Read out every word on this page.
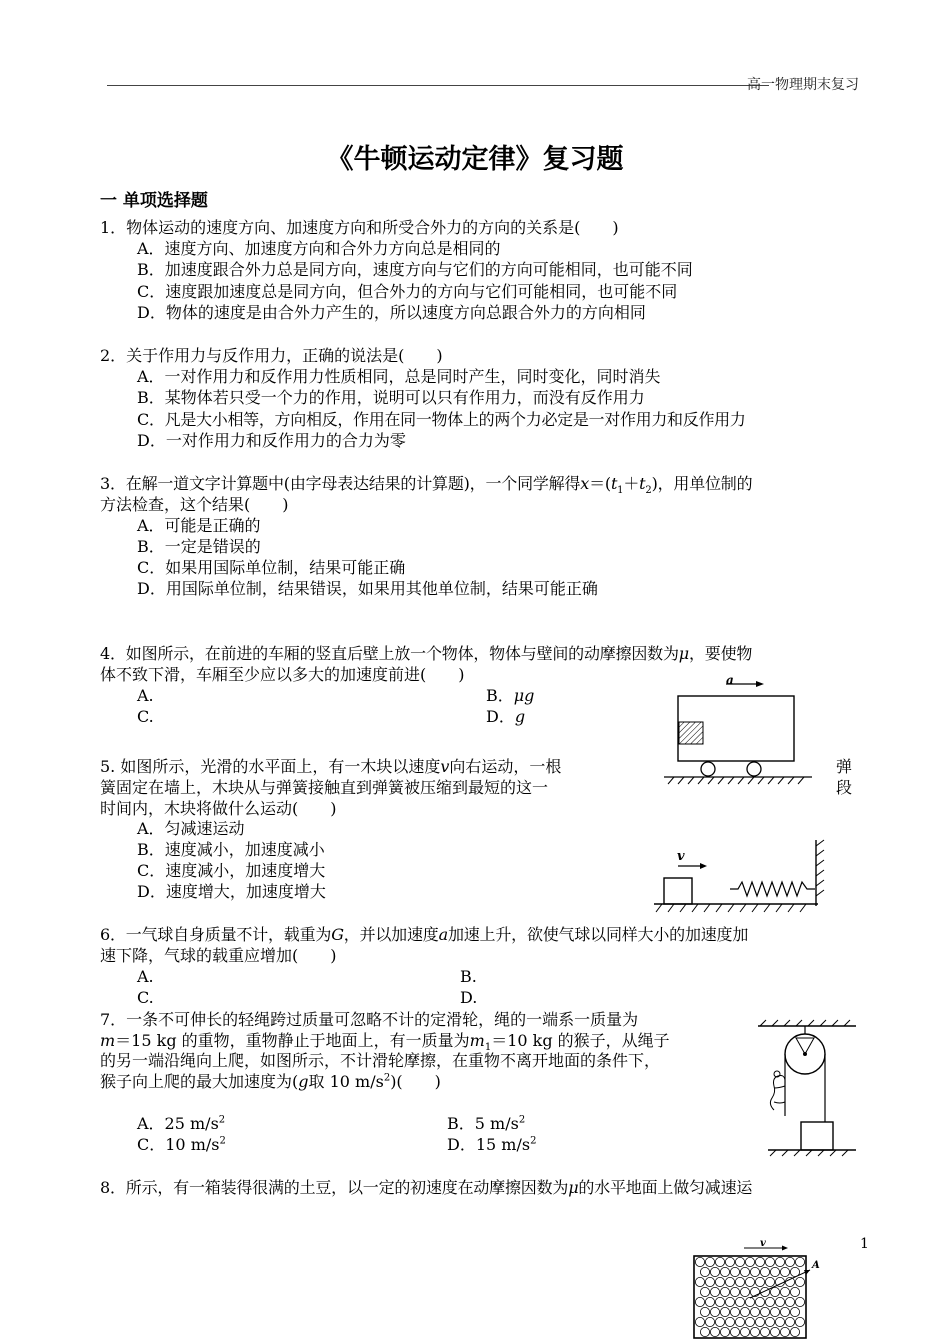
高一物理期末复习
《牛顿运动定律》复习题
一 单项选择题
1．物体运动的速度方向、加速度方向和所受合外力的方向的关系是(　　)
A．速度方向、加速度方向和合外力方向总是相同的
B．加速度跟合外力总是同方向，速度方向与它们的方向可能相同，也可能不同
C．速度跟加速度总是同方向，但合外力的方向与它们可能相同，也可能不同
D．物体的速度是由合外力产生的，所以速度方向总跟合外力的方向相同
2．关于作用力与反作用力，正确的说法是(　　)
A．一对作用力和反作用力性质相同，总是同时产生，同时变化，同时消失
B．某物体若只受一个力的作用，说明可以只有作用力，而没有反作用力
C．凡是大小相等，方向相反，作用在同一物体上的两个力必定是一对作用力和反作用力
D．一对作用力和反作用力的合力为零
3．在解一道文字计算题中(由字母表达结果的计算题)，一个同学解得$x=(t_1+t_2)$，用单位制的
方法检查，这个结果(　　)
A．可能是正确的
B．一定是错误的
C．如果用国际单位制，结果可能正确
D．用国际单位制，结果错误，如果用其他单位制，结果可能正确
4．如图所示，在前进的车厢的竖直后壁上放一个物体，物体与壁间的动摩擦因数为μ，要使物
体不致下滑，车厢至少应以多大的加速度前进(　　)
A.	B．μg
C.	D．g
a
5. 如图所示，光滑的水平面上，有一木块以速度v向右运动，一根	弹
簧固定在墙上，木块从与弹簧接触直到弹簧被压缩到最短的这一	段
时间内，木块将做什么运动(　　)
A．匀减速运动
B．速度减小，加速度减小
C．速度减小，加速度增大
D．速度增大，加速度增大
v
6．一气球自身质量不计，载重为G，并以加速度a加速上升，欲使气球以同样大小的加速度加
速下降，气球的载重应增加(　　)
A.	B.
C.	D.
7．一条不可伸长的轻绳跨过质量可忽略不计的定滑轮，绳的一端系一质量为
m＝15 kg 的重物，重物静止于地面上，有一质量为$m_1=10$ kg 的猴子，从绳子
的另一端沿绳向上爬，如图所示，不计滑轮摩擦，在重物不离开地面的条件下，
猴子向上爬的最大加速度为(g取 10 $m/s^2$)(　　)
A．25 $m/s^2$	B．5 $m/s^2$
C．10 $m/s^2$	D．15 $m/s^2$
8．所示，有一箱装得很满的土豆，以一定的初速度在动摩擦因数为μ的水平地面上做匀减速运
1
v
A
